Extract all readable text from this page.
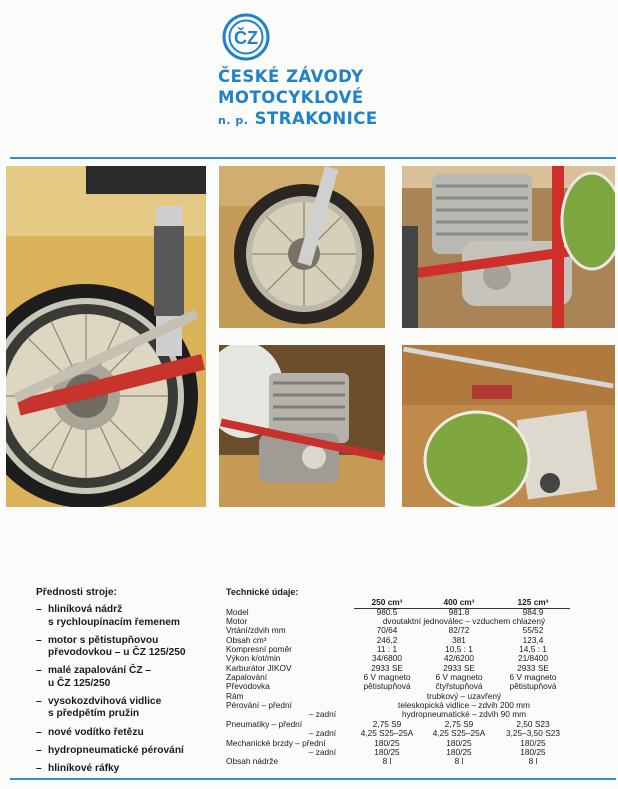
ČZ
ČESKÉ ZÁVODY
MOTOCYKLOVÉ
n. p. STRAKONICE
Přednosti stroje:
– hliníková nádrž
s rychloupínacím řemenem
– motor s pětistupňovou
převodovkou – u ČZ 125/250
– malé zapalování ČZ –
u ČZ 125/250
– vysokozdvihová vidlice
s předpětím pružin
– nové vodítko řetězu
– hydropneumatické pérování
– hliníkové ráfky
Technické údaje:
250 cm³	400 cm³	125 cm³
Model	980.5	981.8	984.9
Motor	dvoutaktní jednoválec – vzduchem chlazený
Vrtání/zdvih mm	70/64	82/72	55/52
Obsah cm³	246,2	381	123,4
Kompresní poměr	11 : 1	10,5 : 1	14,5 : 1
Výkon k/ot/min	34/6800	42/6200	21/8400
Karburátor JIKOV	2933 SE	2933 SE	2933 SE
Zapalování	6 V magneto	6 V magneto	6 V magneto
Převodovka	pětistupňová	čtyřstupňová	pětistupňová
Rám	trubkový – uzavřený
Pérování – přední	teleskopická vidlice – zdvih 200 mm
– zadní	hydropneumatické – zdvih 90 mm
Pneumatiky – přední	2,75 S9	2,75 S9	2,50 S23
– zadní	4,25 S25–25A	4,25 S25–25A	3,25–3,50 S23
Mechanické brzdy – přední	180/25	180/25	180/25
– zadní	180/25	180/25	180/25
Obsah nádrže	8 l	8 l	8 l
